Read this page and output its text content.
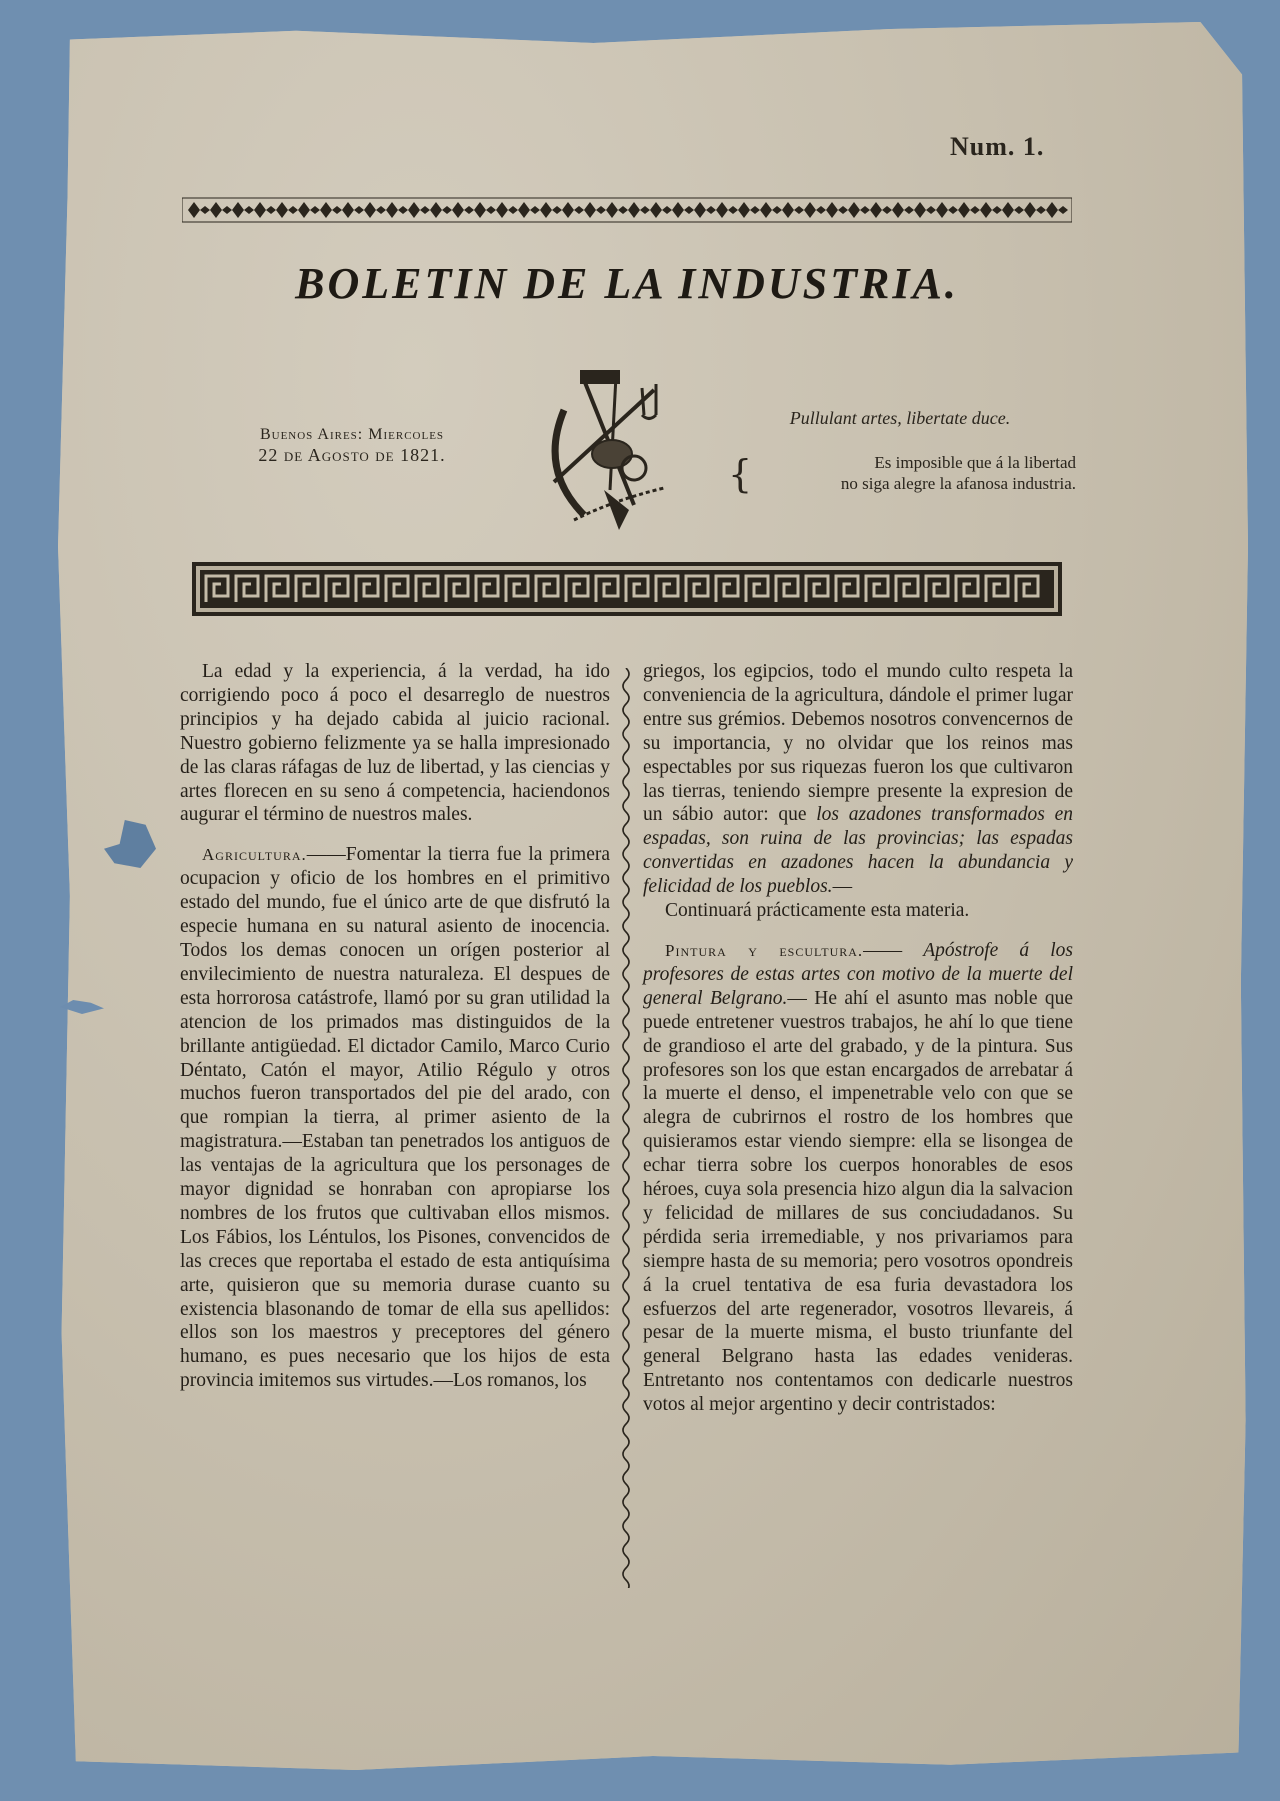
Num. 1.
BOLETIN DE LA INDUSTRIA.
Buenos Aires: Miercoles
22 de Agosto de 1821.
Pullulant artes, libertate duce.
{	Es imposible que á la libertad
no siga alegre la afanosa industria.

La edad y la experiencia, á la verdad, ha ido corrigiendo poco á poco el desarreglo de nuestros principios y ha dejado cabida al juicio racional. Nuestro gobierno felizmente ya se halla impresionado de las claras ráfagas de luz de libertad, y las ciencias y artes florecen en su seno á competencia, haciendonos augurar el término de nuestros males.

Agricultura.——Fomentar la tierra fue la primera ocupacion y oficio de los hombres en el primitivo estado del mundo, fue el único arte de que disfrutó la especie humana en su natural asiento de inocencia. Todos los demas conocen un orígen posterior al envilecimiento de nuestra naturaleza. El despues de esta horrorosa catástrofe, llamó por su gran utilidad la atencion de los primados mas distinguidos de la brillante antigüedad. El dictador Camilo, Marco Curio Déntato, Catón el mayor, Atilio Régulo y otros muchos fueron transportados del pie del arado, con que rompian la tierra, al primer asiento de la magistratura.—Estaban tan penetrados los antiguos de las ventajas de la agricultura que los personages de mayor dignidad se honraban con apropiarse los nombres de los frutos que cultivaban ellos mismos. Los Fábios, los Léntulos, los Pisones, convencidos de las creces que reportaba el estado de esta antiquísima arte, quisieron que su memoria durase cuanto su existencia blasonando de tomar de ella sus apellidos: ellos son los maestros y preceptores del género humano, es pues necesario que los hijos de esta provincia imitemos sus virtudes.—Los romanos, los

griegos, los egipcios, todo el mundo culto respeta la conveniencia de la agricultura, dándole el primer lugar entre sus grémios. Debemos nosotros convencernos de su importancia, y no olvidar que los reinos mas espectables por sus riquezas fueron los que cultivaron las tierras, teniendo siempre presente la expresion de un sábio autor: que los azadones transformados en espadas, son ruina de las provincias; las espadas convertidas en azadones hacen la abundancia y felicidad de los pueblos.—

Continuará prácticamente esta materia.

Pintura y escultura.—— Apóstrofe á los profesores de estas artes con motivo de la muerte del general Belgrano.— He ahí el asunto mas noble que puede entretener vuestros trabajos, he ahí lo que tiene de grandioso el arte del grabado, y de la pintura. Sus profesores son los que estan encargados de arrebatar á la muerte el denso, el impenetrable velo con que se alegra de cubrirnos el rostro de los hombres que quisieramos estar viendo siempre: ella se lisongea de echar tierra sobre los cuerpos honorables de esos héroes, cuya sola presencia hizo algun dia la salvacion y felicidad de millares de sus conciudadanos. Su pérdida seria irremediable, y nos privariamos para siempre hasta de su memoria; pero vosotros opondreis á la cruel tentativa de esa furia devastadora los esfuerzos del arte regenerador, vosotros llevareis, á pesar de la muerte misma, el busto triunfante del general Belgrano hasta las edades venideras. Entretanto nos contentamos con dedicarle nuestros votos al mejor argentino y decir contristados:
